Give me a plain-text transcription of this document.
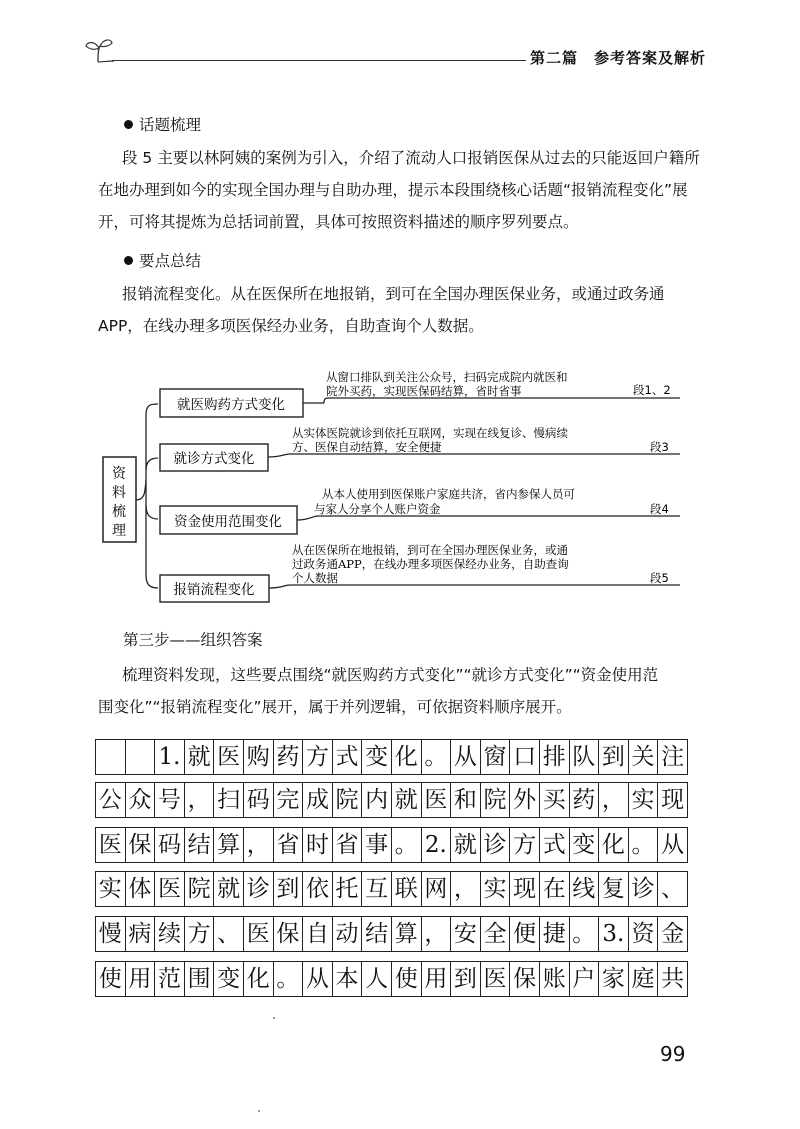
第二篇　参考答案及解析
话题梳理
段 5 主要以林阿姨的案例为引入，介绍了流动人口报销医保从过去的只能返回户籍所
在地办理到如今的实现全国办理与自助办理，提示本段围绕核心话题“报销流程变化”展
开，可将其提炼为总括词前置，具体可按照资料描述的顺序罗列要点。
要点总结
报销流程变化。从在医保所在地报销，到可在全国办理医保业务，或通过政务通
APP，在线办理多项医保经办业务，自助查询个人数据。
资
料
梳
理
就医购药方式变化
从窗口排队到关注公众号，扫码完成院内就医和
院外买药，实现医保码结算，省时省事	段1、2
就诊方式变化
从实体医院就诊到依托互联网，实现在线复诊、慢病续
方、医保自动结算，安全便捷	段3
资金使用范围变化
从本人使用到医保账户家庭共济，省内参保人员可
与家人分享个人账户资金	段4
报销流程变化
从在医保所在地报销，到可在全国办理医保业务，或通
过政务通APP，在线办理多项医保经办业务，自助查询
个人数据	段5
第三步——组织答案
梳理资料发现，这些要点围绕“就医购药方式变化”“就诊方式变化”“资金使用范
围变化”“报销流程变化”展开，属于并列逻辑，可依据资料顺序展开。
1. 就 医 购 药 方 式 变 化 。 从 窗 口 排 队 到 关 注
公 众 号 ， 扫 码 完 成 院 内 就 医 和 院 外 买 药 ， 实 现
医 保 码 结 算 ， 省 时 省 事 。 2. 就 诊 方 式 变 化 。 从
实 体 医 院 就 诊 到 依 托 互 联 网 ， 实 现 在 线 复 诊 、
慢 病 续 方 、 医 保 自 动 结 算 ， 安 全 便 捷 。 3. 资 金
使 用 范 围 变 化 。 从 本 人 使 用 到 医 保 账 户 家 庭 共
99
